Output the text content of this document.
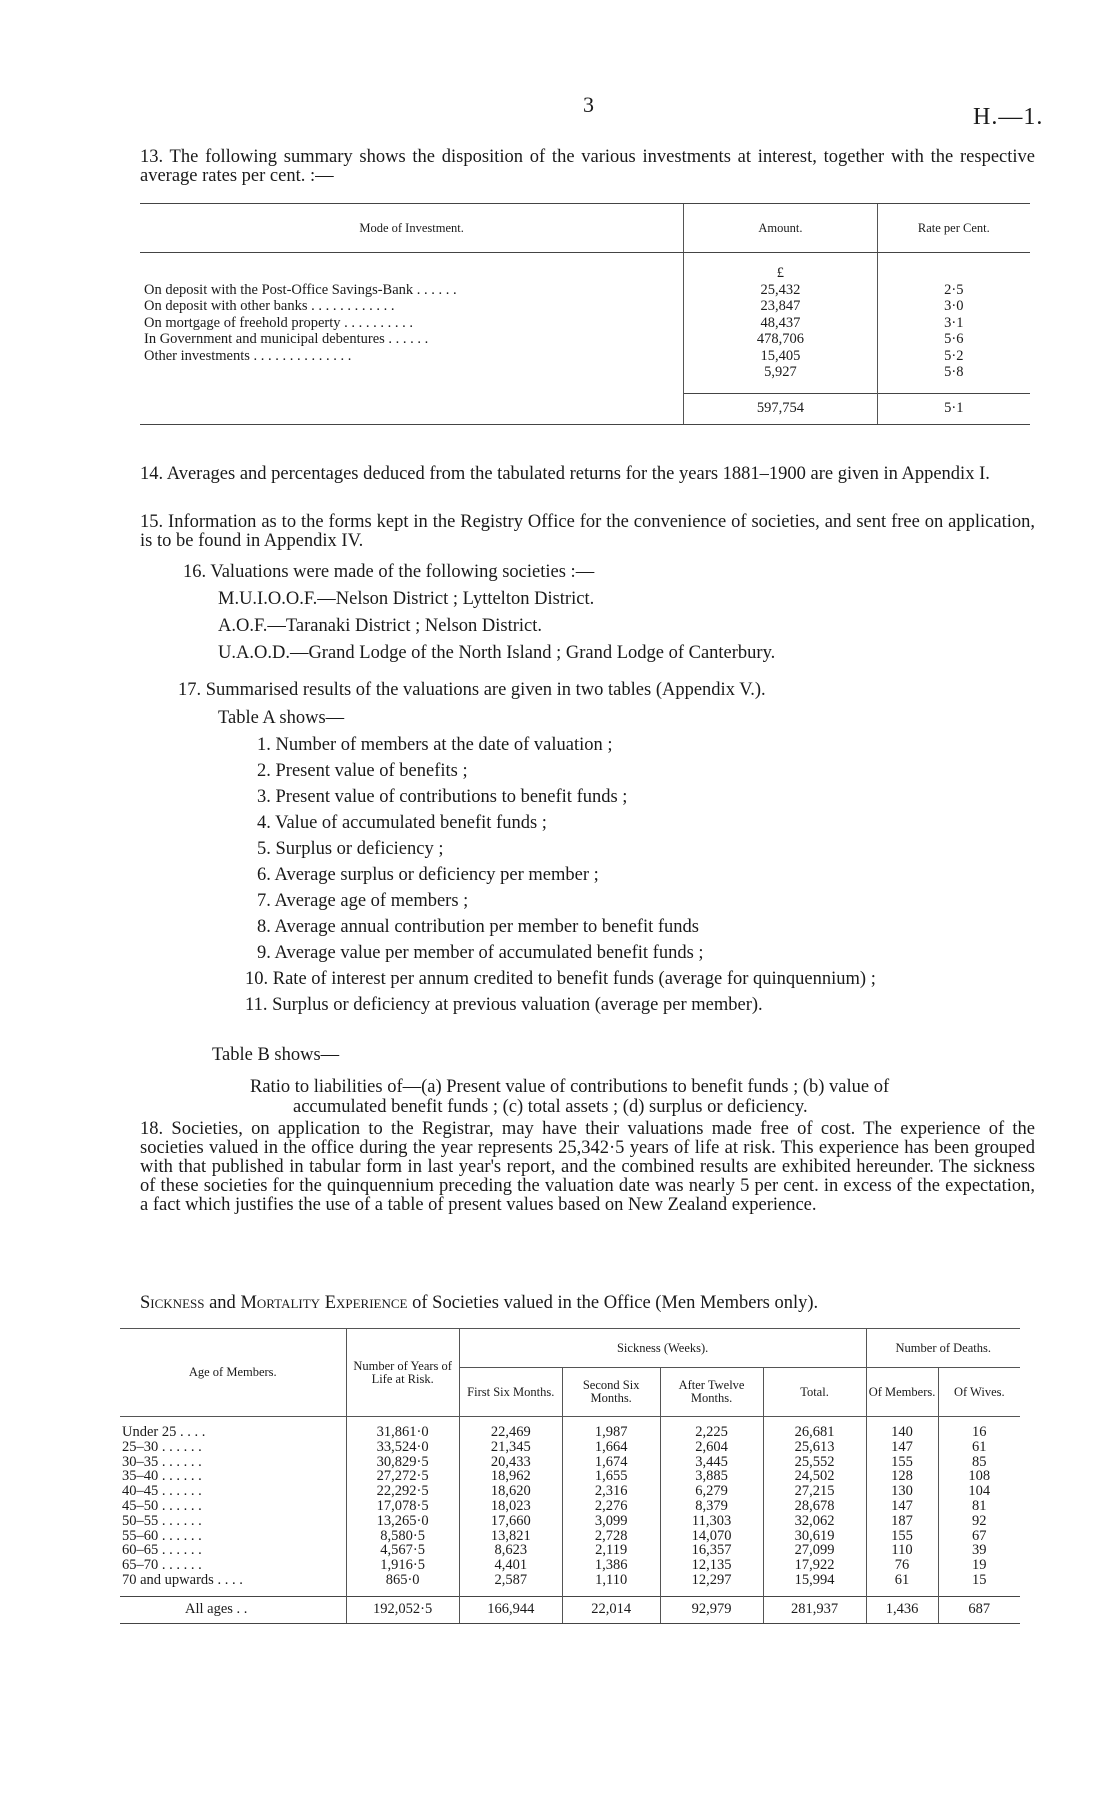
3	H.—1.
13. The following summary shows the disposition of the various investments at interest, together with the respective average rates per cent. :—
Mode of Investment.	Amount.	Rate per Cent.
	£	
On deposit with the Post-Office Savings-Bank . . . . . .	25,432	2·5
On deposit with other banks . . . . . . . . . . . .	23,847	3·0
On mortgage of freehold property . . . . . . . . . .	48,437	3·1
In Government and municipal debentures . . . . . .	478,706	5·6
Other investments . . . . . . . . . . . . . .	15,405	5·2
	5,927	5·8
	597,754	5·1
14. Averages and percentages deduced from the tabulated returns for the years 1881–1900 are given in Appendix I.
15. Information as to the forms kept in the Registry Office for the convenience of societies, and sent free on application, is to be found in Appendix IV.
16. Valuations were made of the following societies :—
M.U.I.O.O.F.—Nelson District ; Lyttelton District.
A.O.F.—Taranaki District ; Nelson District.
U.A.O.D.—Grand Lodge of the North Island ; Grand Lodge of Canterbury.
17. Summarised results of the valuations are given in two tables (Appendix V.).
Table A shows—
1. Number of members at the date of valuation ;
2. Present value of benefits ;
3. Present value of contributions to benefit funds ;
4. Value of accumulated benefit funds ;
5. Surplus or deficiency ;
6. Average surplus or deficiency per member ;
7. Average age of members ;
8. Average annual contribution per member to benefit funds
9. Average value per member of accumulated benefit funds ;
10. Rate of interest per annum credited to benefit funds (average for quinquennium) ;
11. Surplus or deficiency at previous valuation (average per member).
Table B shows—
Ratio to liabilities of—(a) Present value of contributions to benefit funds ; (b) value of
accumulated benefit funds ; (c) total assets ; (d) surplus or deficiency.
18. Societies, on application to the Registrar, may have their valuations made free of cost. The experience of the societies valued in the office during the year represents 25,342·5 years of life at risk. This experience has been grouped with that published in tabular form in last year's report, and the combined results are exhibited hereunder. The sickness of these societies for the quinquennium preceding the valuation date was nearly 5 per cent. in excess of the expectation, a fact which justifies the use of a table of present values based on New Zealand experience.
Sickness and Mortality Experience of Societies valued in the Office (Men Members only).
Age of Members.	Number of Years of Life at Risk.	Sickness (Weeks).				Number of Deaths.	
		First Six Months.	Second Six Months.	After Twelve Months.	Total.	Of Members.	Of Wives.
Under 25 . . . .	31,861·0	22,469	1,987	2,225	26,681	140	16
25–30 . . . . . .	33,524·0	21,345	1,664	2,604	25,613	147	61
30–35 . . . . . .	30,829·5	20,433	1,674	3,445	25,552	155	85
35–40 . . . . . .	27,272·5	18,962	1,655	3,885	24,502	128	108
40–45 . . . . . .	22,292·5	18,620	2,316	6,279	27,215	130	104
45–50 . . . . . .	17,078·5	18,023	2,276	8,379	28,678	147	81
50–55 . . . . . .	13,265·0	17,660	3,099	11,303	32,062	187	92
55–60 . . . . . .	8,580·5	13,821	2,728	14,070	30,619	155	67
60–65 . . . . . .	4,567·5	8,623	2,119	16,357	27,099	110	39
65–70 . . . . . .	1,916·5	4,401	1,386	12,135	17,922	76	19
70 and upwards . . . .	865·0	2,587	1,110	12,297	15,994	61	15
All ages . .	192,052·5	166,944	22,014	92,979	281,937	1,436	687
